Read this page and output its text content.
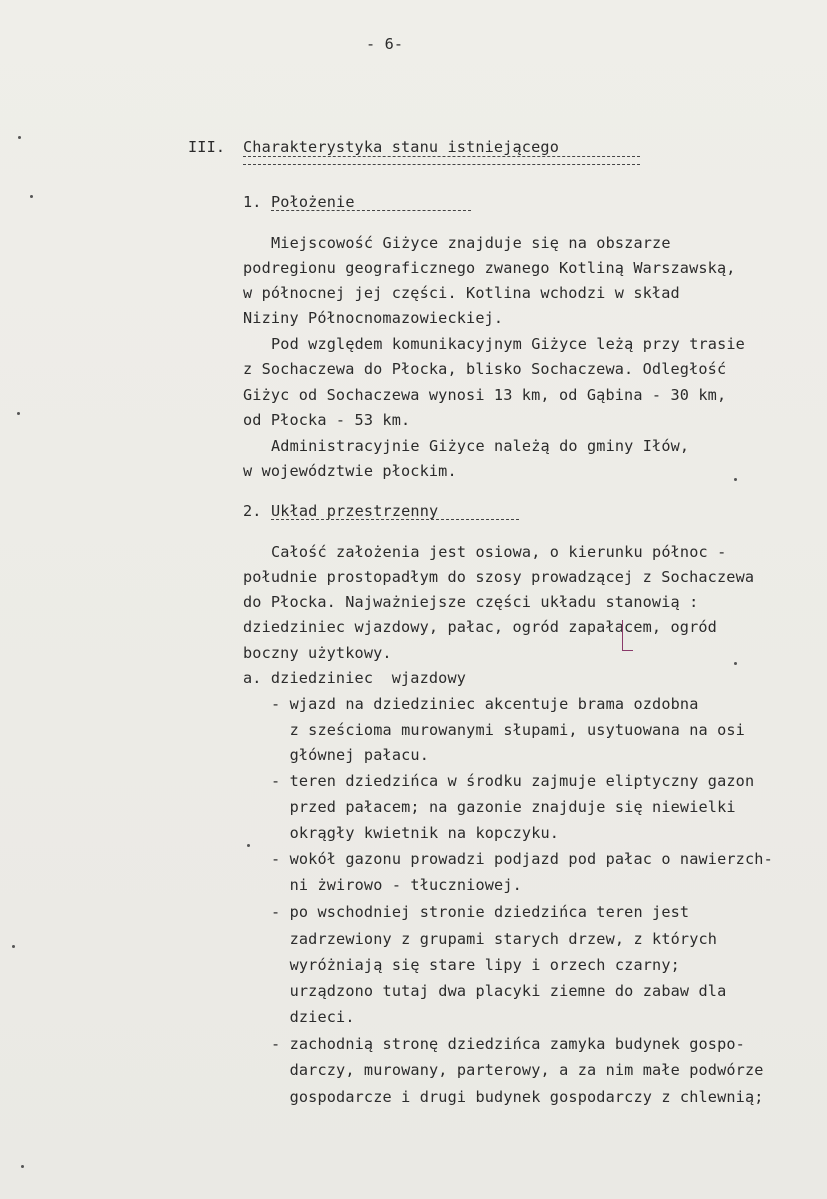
- 6-
III. Charakterystyka stanu istniejącego
1. Położenie
Miejscowość Giżyce znajduje się na obszarze
podregionu geograficznego zwanego Kotliną Warszawską,
w północnej jej części. Kotlina wchodzi w skład
Niziny Północnomazowieckiej.
Pod względem komunikacyjnym Giżyce leżą przy trasie
z Sochaczewa do Płocka, blisko Sochaczewa. Odległość
Giżyc od Sochaczewa wynosi 13 km, od Gąbina - 30 km,
od Płocka - 53 km.
Administracyjnie Giżyce należą do gminy Iłów,
w województwie płockim.
2. Układ przestrzenny
Całość założenia jest osiowa, o kierunku północ -
południe prostopadłym do szosy prowadzącej z Sochaczewa
do Płocka. Najważniejsze części układu stanowią :
dziedziniec wjazdowy, pałac, ogród zapałacem, ogród
boczny użytkowy.
a. dziedziniec  wjazdowy
- wjazd na dziedziniec akcentuje brama ozdobna
z sześcioma murowanymi słupami, usytuowana na osi
głównej pałacu.
- teren dziedzińca w środku zajmuje eliptyczny gazon
przed pałacem; na gazonie znajduje się niewielki
okrągły kwietnik na kopczyku.
- wokół gazonu prowadzi podjazd pod pałac o nawierzch-
ni żwirowo - tłuczniowej.
- po wschodniej stronie dziedzińca teren jest
zadrzewiony z grupami starych drzew, z których
wyróżniają się stare lipy i orzech czarny;
urządzono tutaj dwa placyki ziemne do zabaw dla
dzieci.
- zachodnią stronę dziedzińca zamyka budynek gospo-
darczy, murowany, parterowy, a za nim małe podwórze
gospodarcze i drugi budynek gospodarczy z chlewnią;
